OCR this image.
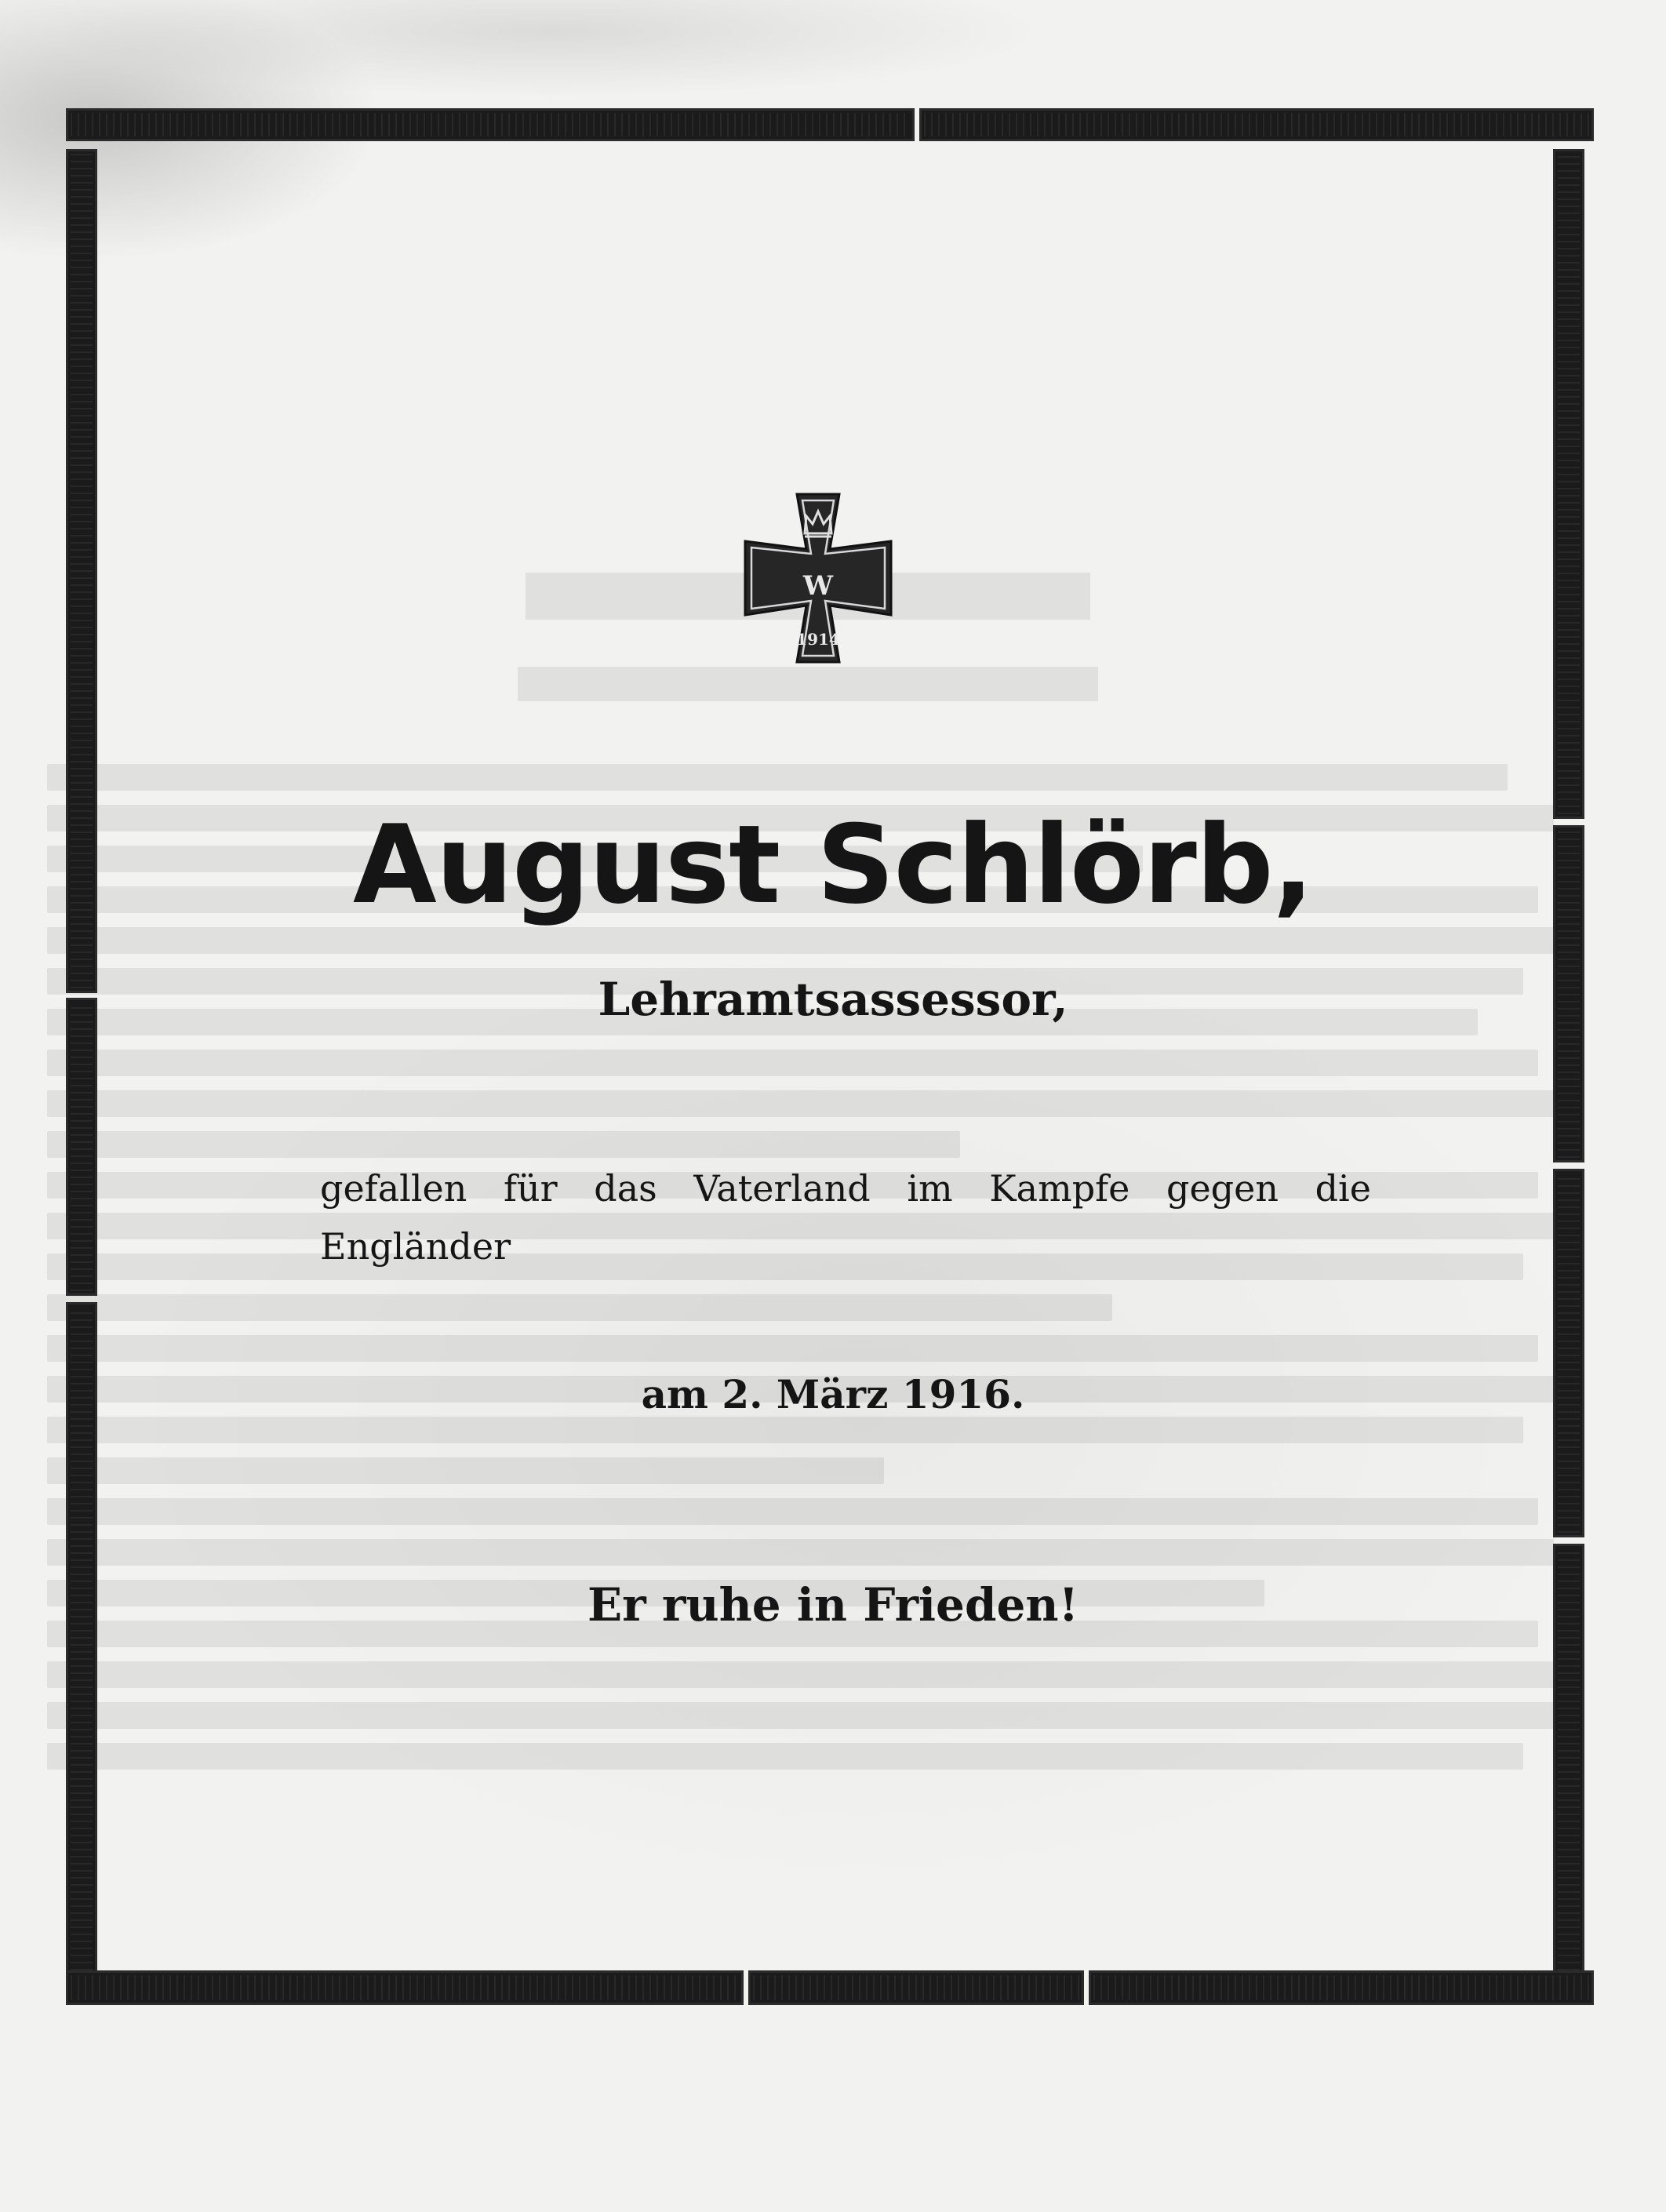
W
1914
August Schlörb,
Lehramtsassessor,

gefallen für das Vaterland im Kampfe gegen die Engländer

am 2. März 1916.

Er ruhe in Frieden!
